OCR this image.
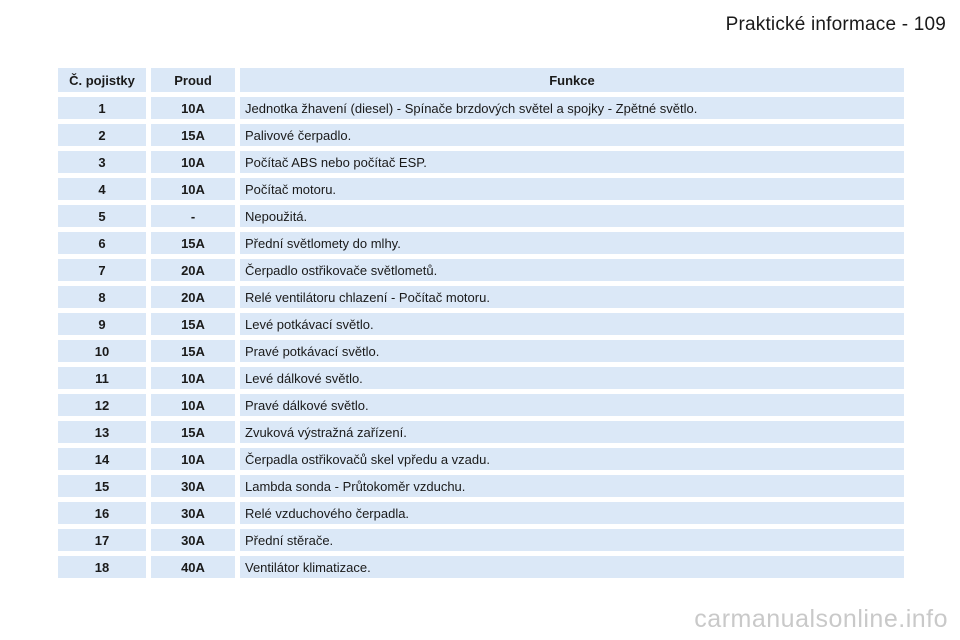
Praktické informace - 109
Č. pojistky	Proud	Funkce
1	10A	Jednotka žhavení (diesel) - Spínače brzdových světel a spojky - Zpětné světlo.
2	15A	Palivové čerpadlo.
3	10A	Počítač ABS nebo počítač ESP.
4	10A	Počítač motoru.
5	-	Nepoužitá.
6	15A	Přední světlomety do mlhy.
7	20A	Čerpadlo ostřikovače světlometů.
8	20A	Relé ventilátoru chlazení - Počítač motoru.
9	15A	Levé potkávací světlo.
10	15A	Pravé potkávací světlo.
11	10A	Levé dálkové světlo.
12	10A	Pravé dálkové světlo.
13	15A	Zvuková výstražná zařízení.
14	10A	Čerpadla ostřikovačů skel vpředu a vzadu.
15	30A	Lambda sonda - Průtokoměr vzduchu.
16	30A	Relé vzduchového čerpadla.
17	30A	Přední stěrače.
18	40A	Ventilátor klimatizace.
carmanualsonline.info
